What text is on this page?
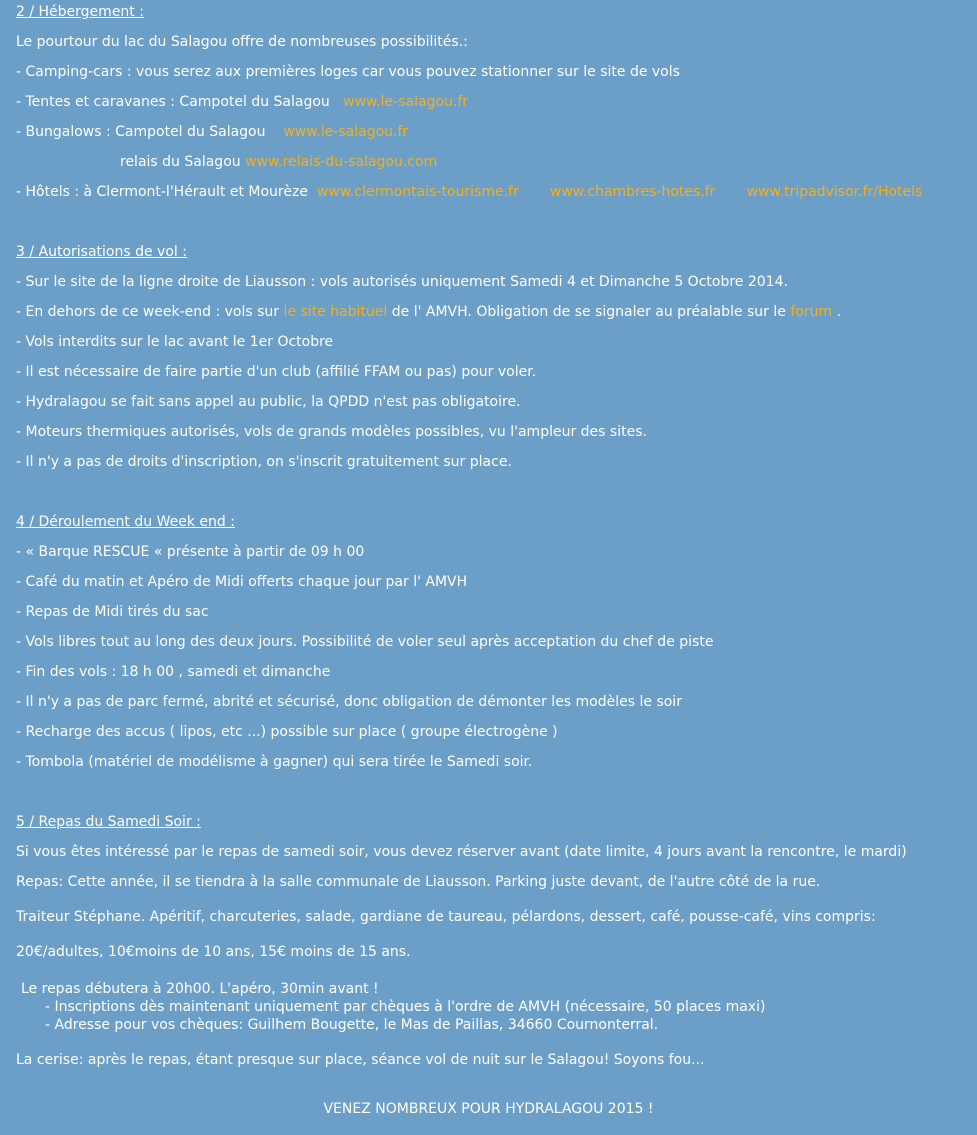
2 / Hébergement :
Le pourtour du lac du Salagou offre de nombreuses possibilités.:
- Camping-cars : vous serez aux premières loges car vous pouvez stationner sur le site de vols
- Tentes et caravanes : Campotel du Salagou www.le-salagou.fr
- Bungalows : Campotel du Salagou www.le-salagou.fr
relais du Salagou www.relais-du-salagou.com
- Hôtels : à Clermont-l'Hérault et Mourèze www.clermontais-tourisme.fr www.chambres-hotes.fr www.tripadvisor.fr/Hotels
3 / Autorisations de vol :
- Sur le site de la ligne droite de Liausson : vols autorisés uniquement Samedi 4 et Dimanche 5 Octobre 2014.
- En dehors de ce week-end : vols sur le site habituel de l' AMVH. Obligation de se signaler au préalable sur le forum .
- Vols interdits sur le lac avant le 1er Octobre
- Il est nécessaire de faire partie d'un club (affilié FFAM ou pas) pour voler.
- Hydralagou se fait sans appel au public, la QPDD n'est pas obligatoire.
- Moteurs thermiques autorisés, vols de grands modèles possibles, vu l'ampleur des sites.
- Il n'y a pas de droits d'inscription, on s'inscrit gratuitement sur place.
4 / Déroulement du Week end :
- « Barque RESCUE « présente à partir de 09 h 00
- Café du matin et Apéro de Midi offerts chaque jour par l' AMVH
- Repas de Midi tirés du sac
- Vols libres tout au long des deux jours. Possibilité de voler seul après acceptation du chef de piste
- Fin des vols : 18 h 00 , samedi et dimanche
- Il n'y a pas de parc fermé, abrité et sécurisé, donc obligation de démonter les modèles le soir
- Recharge des accus ( lipos, etc ...) possible sur place ( groupe électrogène )
- Tombola (matériel de modélisme à gagner) qui sera tirée le Samedi soir.
5 / Repas du Samedi Soir :
Si vous êtes intéressé par le repas de samedi soir, vous devez réserver avant (date limite, 4 jours avant la rencontre, le mardi)
Repas: Cette année, il se tiendra à la salle communale de Liausson. Parking juste devant, de l'autre côté de la rue.
Traiteur Stéphane. Apéritif, charcuteries, salade, gardiane de taureau, pélardons, dessert, café, pousse-café, vins compris:
20€/adultes, 10€moins de 10 ans, 15€ moins de 15 ans.
Le repas débutera à 20h00. L'apéro, 30min avant !
- Inscriptions dès maintenant uniquement par chèques à l'ordre de AMVH (nécessaire, 50 places maxi)
- Adresse pour vos chèques: Guilhem Bougette, le Mas de Paillas, 34660 Cournonterral.
La cerise: après le repas, étant presque sur place, séance vol de nuit sur le Salagou! Soyons fou...
VENEZ NOMBREUX POUR HYDRALAGOU 2015 !
